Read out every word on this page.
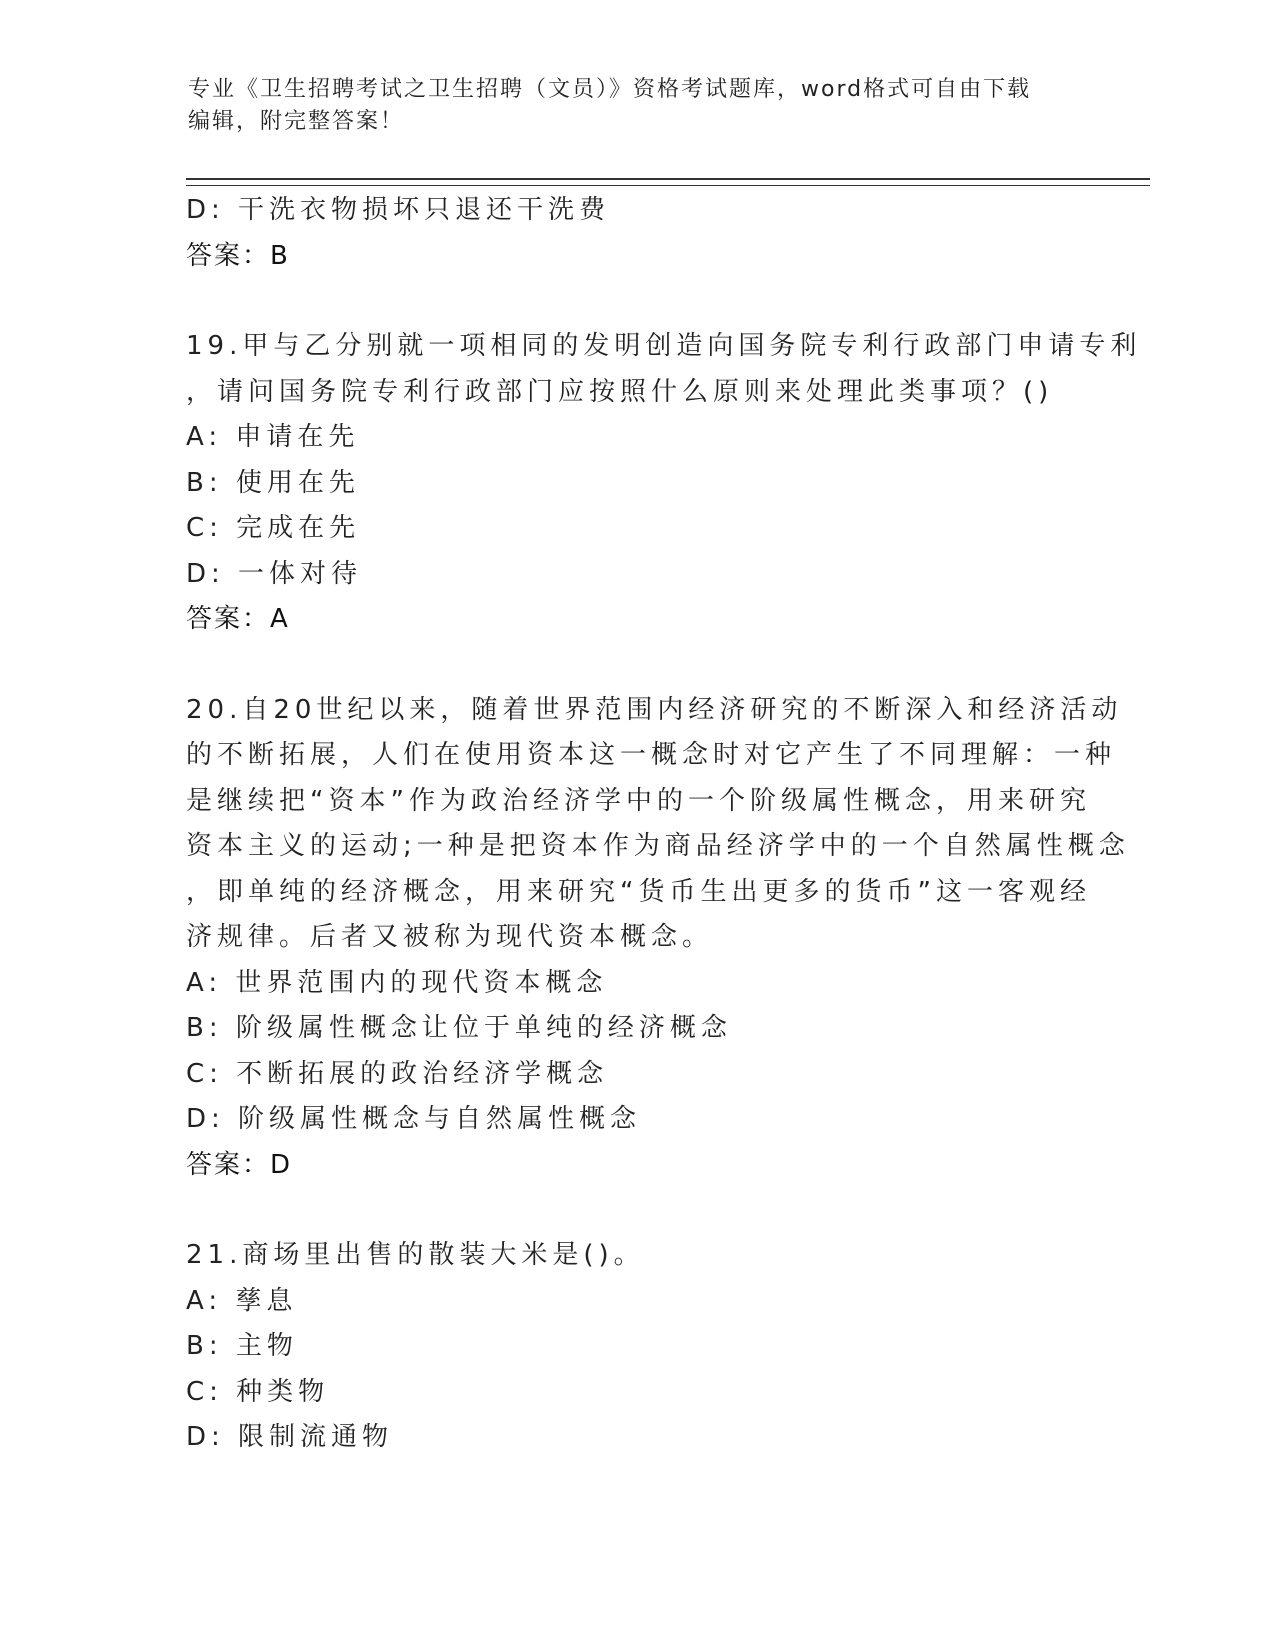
专业《卫生招聘考试之卫生招聘（文员）》资格考试题库，word格式可自由下载
编辑，附完整答案！
D: 干洗衣物损坏只退还干洗费
答案：B
19.甲与乙分别就一项相同的发明创造向国务院专利行政部门申请专利
，请问国务院专利行政部门应按照什么原则来处理此类事项？()
A: 申请在先
B: 使用在先
C: 完成在先
D: 一体对待
答案：A
20.自20世纪以来，随着世界范围内经济研究的不断深入和经济活动
的不断拓展，人们在使用资本这一概念时对它产生了不同理解：一种
是继续把“资本”作为政治经济学中的一个阶级属性概念，用来研究
资本主义的运动;一种是把资本作为商品经济学中的一个自然属性概念
，即单纯的经济概念，用来研究“货币生出更多的货币”这一客观经
济规律。后者又被称为现代资本概念。
A: 世界范围内的现代资本概念
B: 阶级属性概念让位于单纯的经济概念
C: 不断拓展的政治经济学概念
D: 阶级属性概念与自然属性概念
答案：D
21.商场里出售的散装大米是()。
A: 孳息
B: 主物
C: 种类物
D: 限制流通物
